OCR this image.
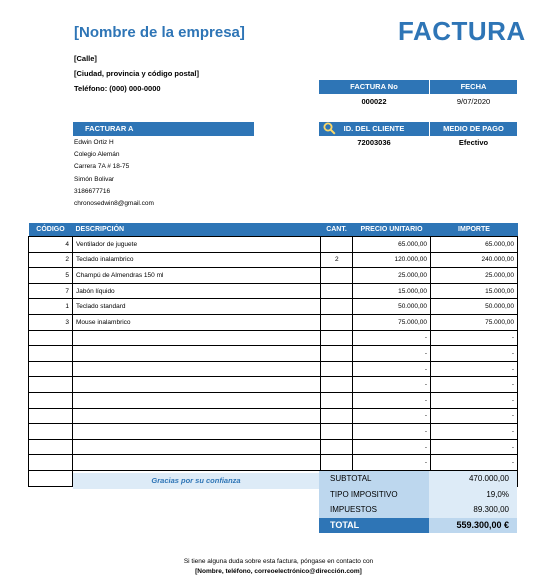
[Nombre de la empresa]	FACTURA
[Calle]
[Ciudad, provincia y código postal]
Teléfono: (000) 000-0000	FACTURA No	FECHA
000022	9/07/2020
FACTURAR A
Edwin Ortiz H
Colegio Alemán
Carrera 7A # 18-75
Simón Bolivar
3186677716
chronosedwin8@gmail.com
ID. DEL CLIENTE	MEDIO DE PAGO
72003036	Efectivo
CÓDIGO	DESCRIPCIÓN	CANT.	PRECIO UNITARIO	IMPORTE
4	Ventilador de juguete		65.000,00	65.000,00
2	Teclado inalambrico	2	120.000,00	240.000,00
5	Champú de Almendras 150 ml		25.000,00	25.000,00
7	Jabón líquido		15.000,00	15.000,00
1	Teclado standard		50.000,00	50.000,00
3	Mouse inalambrico		75.000,00	75.000,00
			-	-
			-	-
			-	-
			-	-
			-	-
			-	-
			-	-
			-	-
			-	-

Gracias por su confianza	SUBTOTAL	470.000,00
TIPO IMPOSITIVO	19,0%
IMPUESTOS	89.300,00
TOTAL	559.300,00 €
Si tiene alguna duda sobre esta factura, póngase en contacto con
[Nombre, teléfono, correoelectrónico@dirección.com]
